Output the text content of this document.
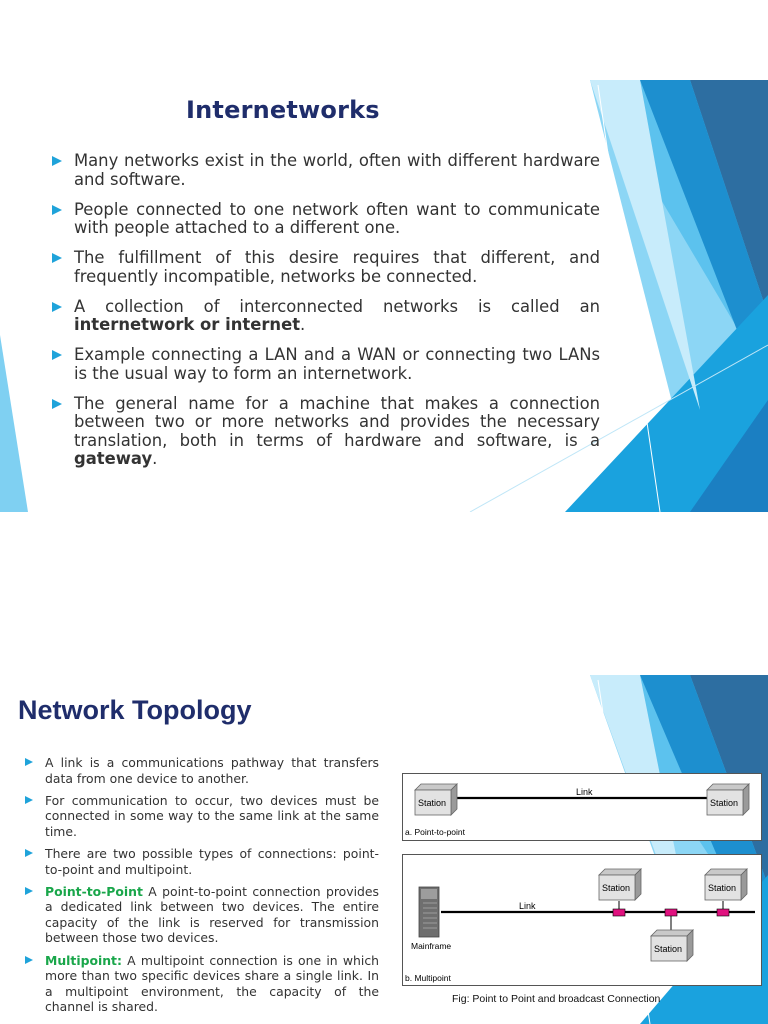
Internetworks
Many networks exist in the world, often with different hardware and software.
People connected to one network often want to communicate with people attached to a different one.
The fulfillment of this desire requires that different, and frequently incompatible, networks be connected.
A collection of interconnected networks is called an internetwork or internet.
Example connecting a LAN and a WAN or connecting two LANs is the usual way to form an internetwork.
The general name for a machine that makes a connection between two or more networks and provides the necessary translation, both in terms of hardware and software, is a gateway.
Network Topology
A link is a communications pathway that transfers data from one device to another.
For communication to occur, two devices must be connected in some way to the same link at the same time.
There are two possible types of connections: point-to-point and multipoint.
Point-to-Point A point-to-point connection provides a dedicated link between two devices. The entire capacity of the link is reserved for transmission between those two devices.
Multipoint: A multipoint connection is one in which more than two specific devices share a single link. In a multipoint environment, the capacity of the channel is shared.
Link
Station	Station
a. Point-to-point
Link
Mainframe
Station	Station
Station
b. Multipoint
Fig: Point to Point and broadcast Connection
